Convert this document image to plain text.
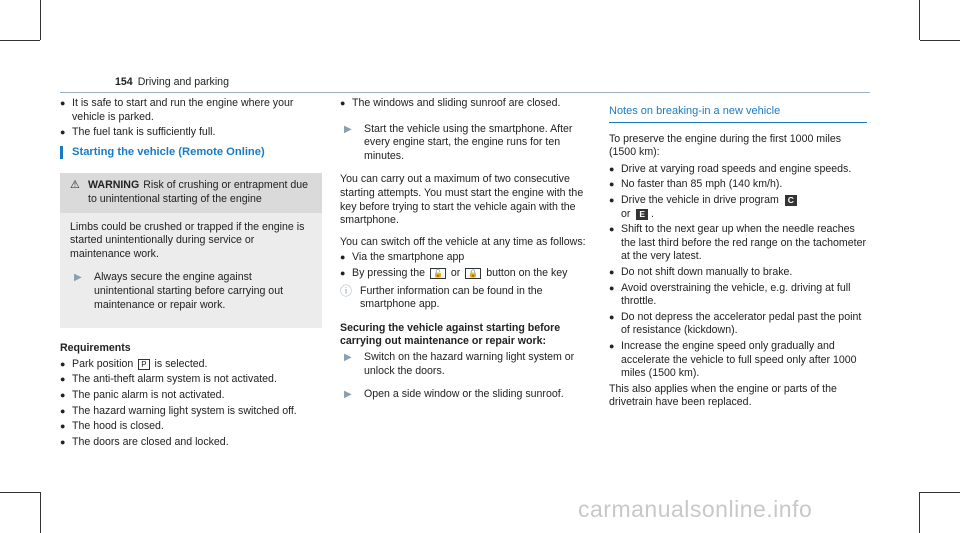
154 Driving and parking
● It is safe to start and run the engine where your vehicle is parked.
● The fuel tank is sufficiently full.
Starting the vehicle (Remote Online)
⚠ WARNING Risk of crushing or entrapment due to unintentional starting of the engine

Limbs could be crushed or trapped if the engine is started unintentionally during service or maintenance work.

▶	Always secure the engine against unintentional starting before carrying out maintenance or repair work.
Requirements
● Park position P is selected.
● The anti-theft alarm system is not activated.
● The panic alarm is not activated.
● The hazard warning light system is switched off.
● The hood is closed.
● The doors are closed and locked.
● The windows and sliding sunroof are closed.
▶	Start the vehicle using the smartphone. After every engine start, the engine runs for ten minutes.

You can carry out a maximum of two consecutive starting attempts. You must start the engine with the key before trying to start the vehicle again with the smartphone.

You can switch off the vehicle at any time as follows:

● Via the smartphone app
● By pressing the 🔓 or 🔒 button on the key
ⓘ Further information can be found in the smartphone app.
Securing the vehicle against starting before carrying out maintenance or repair work:
▶	Switch on the hazard warning light system or unlock the doors.
▶	Open a side window or the sliding sunroof.
Notes on breaking-in a new vehicle

To preserve the engine during the first 1000 miles (1500 km):

● Drive at varying road speeds and engine speeds.
● No faster than 85 mph (140 km/h).
● Drive the vehicle in drive program C
or E .
● Shift to the next gear up when the needle reaches the last third before the red range on the tachometer at the very latest.
● Do not shift down manually to brake.
● Avoid overstraining the vehicle, e.g. driving at full throttle.
● Do not depress the accelerator pedal past the point of resistance (kickdown).
● Increase the engine speed only gradually and accelerate the vehicle to full speed only after 1000 miles (1500 km).

This also applies when the engine or parts of the drivetrain have been replaced.

carmanualsonline.info
